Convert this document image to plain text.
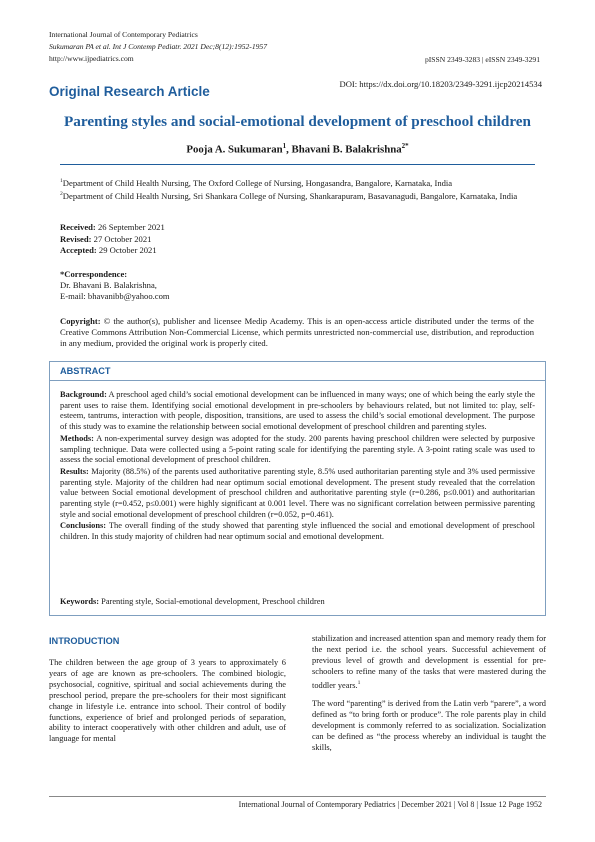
International Journal of Contemporary Pediatrics
Sukumaran PA et al. Int J Contemp Pediatr. 2021 Dec;8(12):1952-1957
http://www.ijpediatrics.com	pISSN 2349-3283 | eISSN 2349-3291
Original Research Article	DOI: https://dx.doi.org/10.18203/2349-3291.ijcp20214534
Parenting styles and social-emotional development of preschool children
Pooja A. Sukumaran$^1$, Bhavani B. Balakrishna$^{2*}$
$^1$Department of Child Health Nursing, The Oxford College of Nursing, Hongasandra, Bangalore, Karnataka, India
$^2$Department of Child Health Nursing, Sri Shankara College of Nursing, Shankarapuram, Basavanagudi, Bangalore, Karnataka, India
Received: 26 September 2021
Revised: 27 October 2021
Accepted: 29 October 2021
*Correspondence:
Dr. Bhavani B. Balakrishna,
E-mail: bhavanibb@yahoo.com
Copyright: © the author(s), publisher and licensee Medip Academy. This is an open-access article distributed under the terms of the Creative Commons Attribution Non-Commercial License, which permits unrestricted non-commercial use, distribution, and reproduction in any medium, provided the original work is properly cited.
ABSTRACT

Background: A preschool aged child’s social emotional development can be influenced in many ways; one of which being the early style the parent uses to raise them. Identifying social emotional development in pre-schoolers by behaviours related, but not limited to: play, self-esteem, tantrums, interaction with people, disposition, transitions, are used to assess the child’s social emotional development. The purpose of this study was to examine the relationship between social emotional development of preschool children and parenting styles.

Methods: A non-experimental survey design was adopted for the study. 200 parents having preschool children were selected by purposive sampling technique. Data were collected using a 5-point rating scale for identifying the parenting style. A 3-point rating scale was used to assess the social emotional development of preschool children.

Results: Majority (88.5%) of the parents used authoritative parenting style, 8.5% used authoritarian parenting style and 3% used permissive parenting style. Majority of the children had near optimum social emotional development. The present study revealed that the correlation value between Social emotional development of preschool children and authoritative parenting style (r=0.286, p≤0.001) and authoritarian parenting style (r=0.452, p≤0.001) were highly significant at 0.001 level. There was no significant correlation between permissive parenting style and social emotional development of preschool children (r=0.052, p=0.461).

Conclusions: The overall finding of the study showed that parenting style influenced the social and emotional development of preschool children. In this study majority of children had near optimum social and emotional development.

Keywords: Parenting style, Social-emotional development, Preschool children
INTRODUCTION

The children between the age group of 3 years to approximately 6 years of age are known as pre-schoolers. The combined biologic, psychosocial, cognitive, spiritual and social achievements during the preschool period, prepare the pre-schoolers for their most significant change in lifestyle i.e. entrance into school. Their control of bodily functions, experience of brief and prolonged periods of separation, ability to interact cooperatively with other children and adult, use of language for mental

stabilization and increased attention span and memory ready them for the next period i.e. the school years. Successful achievement of previous level of growth and development is essential for pre-schoolers to refine many of the tasks that were mastered during the toddler years.$^1$

The word “parenting” is derived from the Latin verb “parere”, a word defined as “to bring forth or produce”. The role parents play in child development is commonly referred to as socialization. Socialization can be defined as “the process whereby an individual is taught the skills,

International Journal of Contemporary Pediatrics | December 2021 | Vol 8 | Issue 12 Page 1952
